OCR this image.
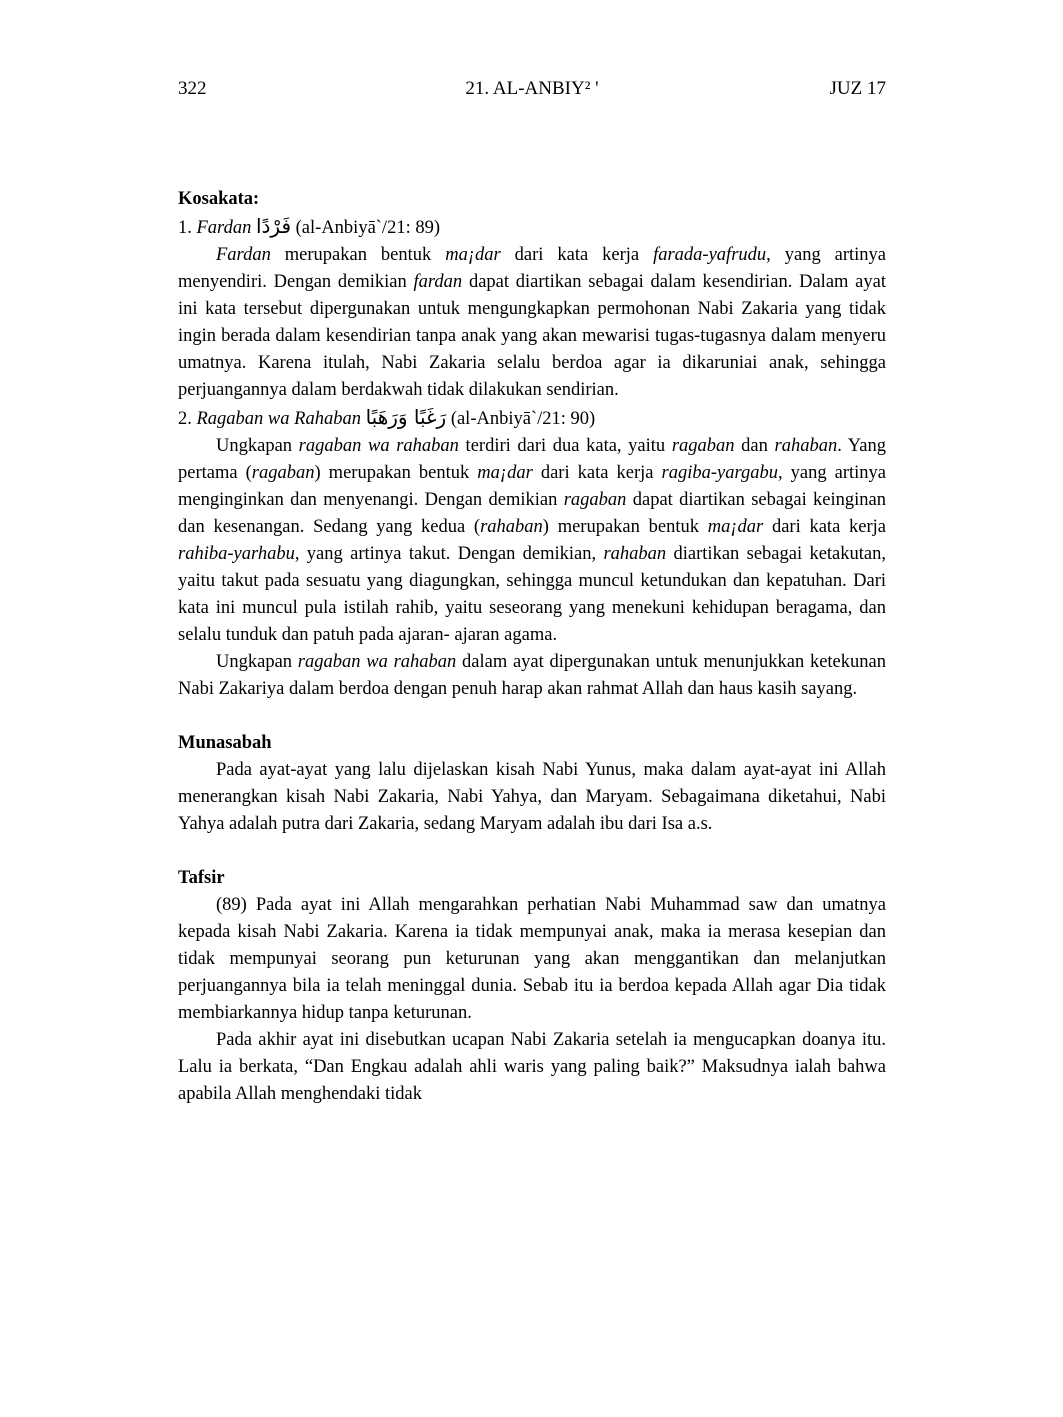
322	21. AL-ANBIY² '	JUZ 17

Kosakata:

1. Fardan فَرْدًا (al-Anbiyā`/21: 89)

Fardan merupakan bentuk ma¡dar dari kata kerja farada-yafrudu, yang artinya menyendiri. Dengan demikian fardan dapat diartikan sebagai dalam kesendirian. Dalam ayat ini kata tersebut dipergunakan untuk mengungkapkan permohonan Nabi Zakaria yang tidak ingin berada dalam kesendirian tanpa anak yang akan mewarisi tugas-tugasnya dalam menyeru umatnya. Karena itulah, Nabi Zakaria selalu berdoa agar ia dikaruniai anak, sehingga perjuangannya dalam berdakwah tidak dilakukan sendirian.

2. Ragaban wa Rahaban رَغَبًا وَرَهَبًا (al-Anbiyā`/21: 90)

Ungkapan ragaban wa rahaban terdiri dari dua kata, yaitu ragaban dan rahaban. Yang pertama (ragaban) merupakan bentuk ma¡dar dari kata kerja ragiba-yargabu, yang artinya menginginkan dan menyenangi. Dengan demikian ragaban dapat diartikan sebagai keinginan dan kesenangan. Sedang yang kedua (rahaban) merupakan bentuk ma¡dar dari kata kerja rahiba-yarhabu, yang artinya takut. Dengan demikian, rahaban diartikan sebagai ketakutan, yaitu takut pada sesuatu yang diagungkan, sehingga muncul ketundukan dan kepatuhan. Dari kata ini muncul pula istilah rahib, yaitu seseorang yang menekuni kehidupan beragama, dan selalu tunduk dan patuh pada ajaran- ajaran agama.

Ungkapan ragaban wa rahaban dalam ayat dipergunakan untuk menunjukkan ketekunan Nabi Zakariya dalam berdoa dengan penuh harap akan rahmat Allah dan haus kasih sayang.

Munasabah

Pada ayat-ayat yang lalu dijelaskan kisah Nabi Yunus, maka dalam ayat-ayat ini Allah menerangkan kisah Nabi Zakaria, Nabi Yahya, dan Maryam. Sebagaimana diketahui, Nabi Yahya adalah putra dari Zakaria, sedang Maryam adalah ibu dari Isa a.s.

Tafsir

(89) Pada ayat ini Allah mengarahkan perhatian Nabi Muhammad saw dan umatnya kepada kisah Nabi Zakaria. Karena ia tidak mempunyai anak, maka ia merasa kesepian dan tidak mempunyai seorang pun keturunan yang akan menggantikan dan melanjutkan perjuangannya bila ia telah meninggal dunia. Sebab itu ia berdoa kepada Allah agar Dia tidak membiarkannya hidup tanpa keturunan.

Pada akhir ayat ini disebutkan ucapan Nabi Zakaria setelah ia mengucapkan doanya itu. Lalu ia berkata, “Dan Engkau adalah ahli waris yang paling baik?” Maksudnya ialah bahwa apabila Allah menghendaki tidak
